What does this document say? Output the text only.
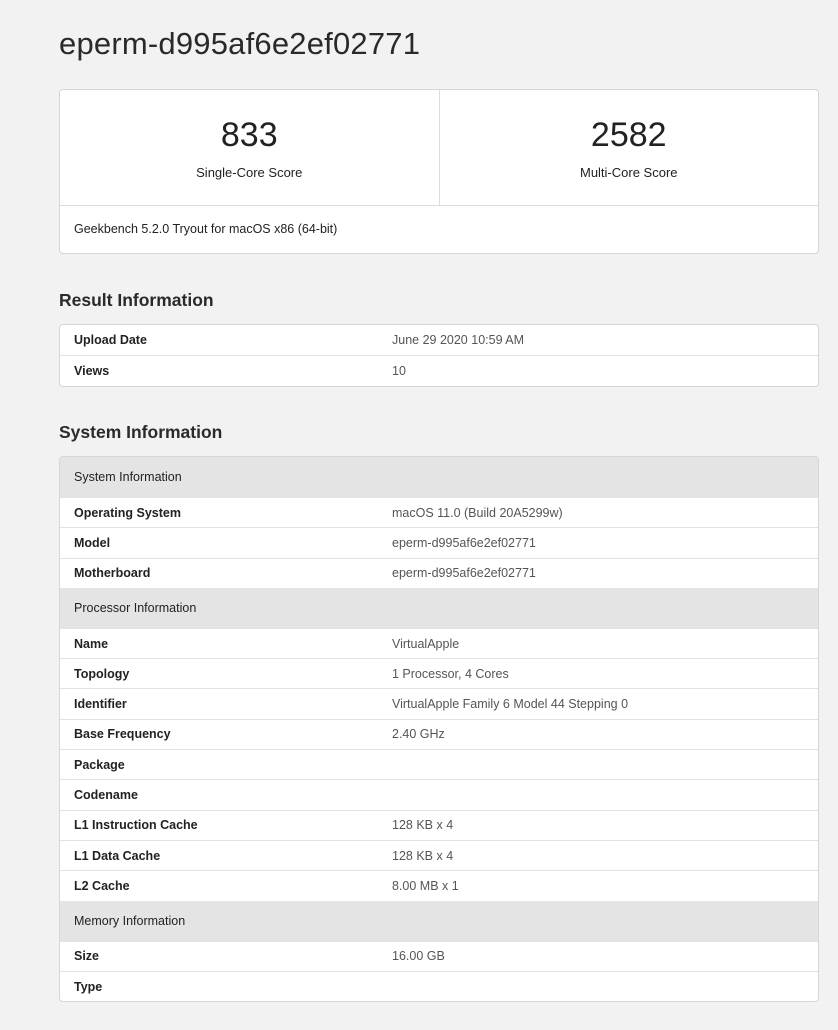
eperm-d995af6e2ef02771
833
Single-Core Score
2582
Multi-Core Score
Geekbench 5.2.0 Tryout for macOS x86 (64-bit)
Result Information
Upload Date	June 29 2020 10:59 AM
Views	10
System Information
System Information
Operating System	macOS 11.0 (Build 20A5299w)
Model	eperm-d995af6e2ef02771
Motherboard	eperm-d995af6e2ef02771
Processor Information
Name	VirtualApple
Topology	1 Processor, 4 Cores
Identifier	VirtualApple Family 6 Model 44 Stepping 0
Base Frequency	2.40 GHz
Package
Codename
L1 Instruction Cache	128 KB x 4
L1 Data Cache	128 KB x 4
L2 Cache	8.00 MB x 1
Memory Information
Size	16.00 GB
Type
